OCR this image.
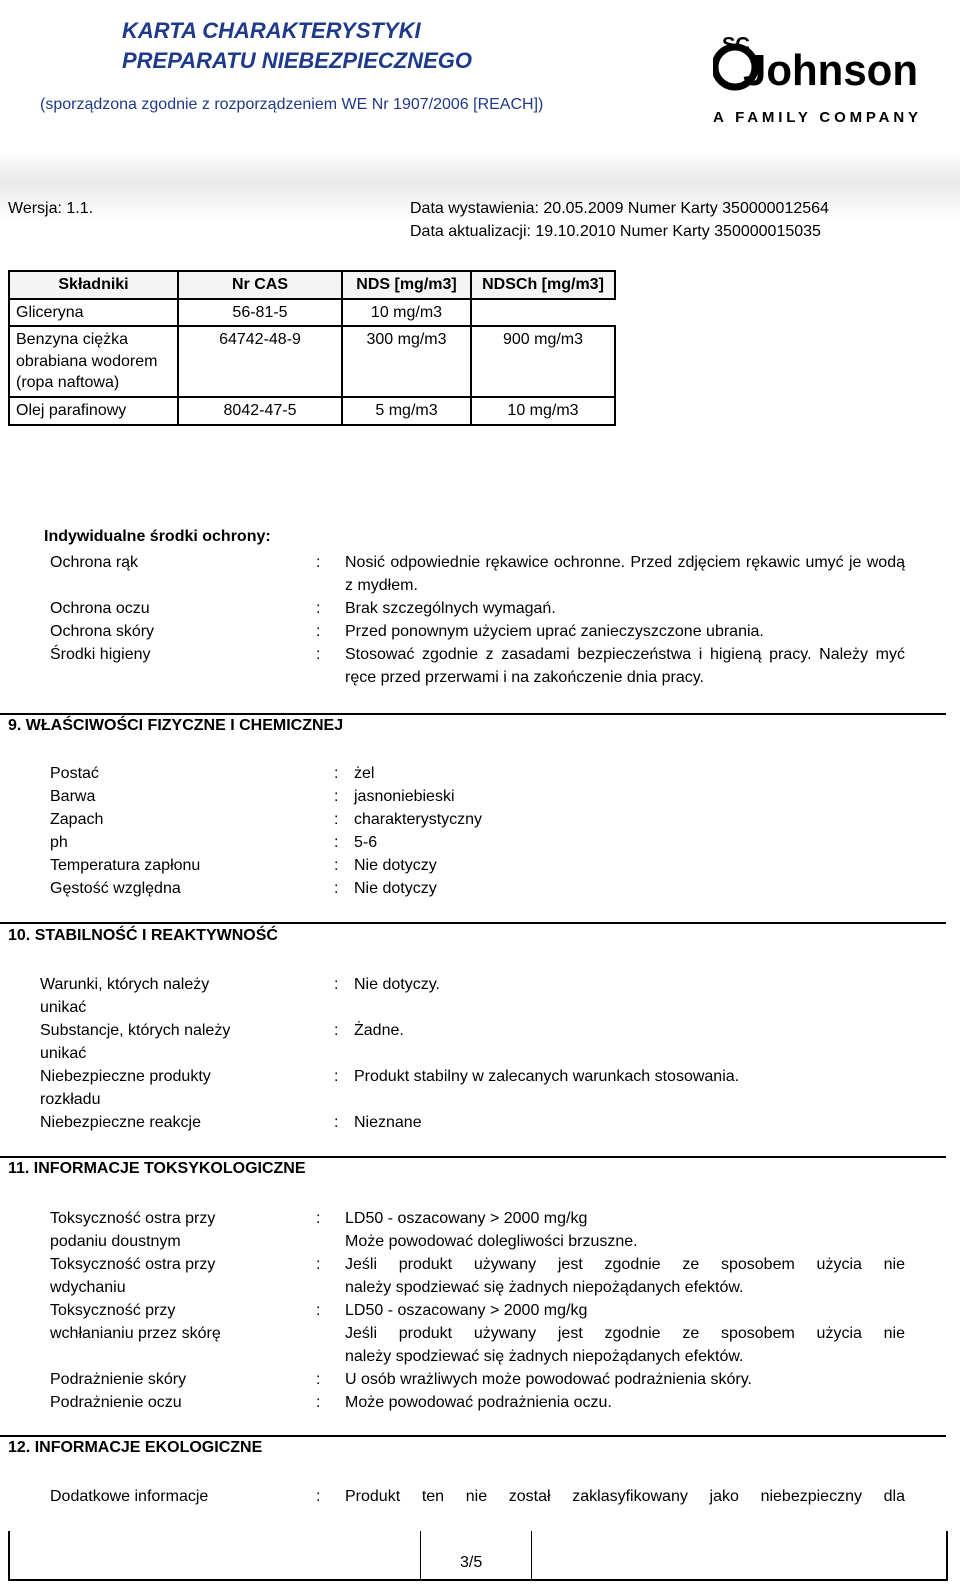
KARTA CHARAKTERYSTYKI
PREPARATU NIEBEZPIECZNEGO
(sporządzona zgodnie z rozporządzeniem WE Nr 1907/2006 [REACH])
SC
Johnson
A FAMILY COMPANY
Wersja: 1.1.	Data wystawienia: 20.05.2009 Numer Karty 350000012564
Data aktualizacji: 19.10.2010 Numer Karty 350000015035
Składniki	Nr CAS	NDS [mg/m3]	NDSCh [mg/m3]
Gliceryna	56-81-5	10 mg/m3	
Benzyna ciężka obrabiana wodorem (ropa naftowa)	64742-48-9	300 mg/m3	900 mg/m3
Olej parafinowy	8042-47-5	5 mg/m3	10 mg/m3
Indywidualne środki ochrony:
Ochrona rąk	: Nosić odpowiednie rękawice ochronne. Przed zdjęciem rękawic umyć je wodą z mydłem.
Ochrona oczu	: Brak szczególnych wymagań.
Ochrona skóry	: Przed ponownym użyciem uprać zanieczyszczone ubrania.
Środki higieny	: Stosować zgodnie z zasadami bezpieczeństwa i higieną pracy. Należy myć ręce przed przerwami i na zakończenie dnia pracy.
9. WŁAŚCIWOŚCI FIZYCZNE I CHEMICZNEJ
Postać	: żel
Barwa	: jasnoniebieski
Zapach	: charakterystyczny
ph	: 5-6
Temperatura zapłonu	: Nie dotyczy
Gęstość względna	: Nie dotyczy
10. STABILNOŚĆ I REAKTYWNOŚĆ
Warunki, których należy
unikać
: Nie dotyczy.
Substancje, których należy
unikać
: Żadne.
Niebezpieczne produkty
rozkładu
: Produkt stabilny w zalecanych warunkach stosowania.
Niebezpieczne reakcje	: Nieznane
11. INFORMACJE TOKSYKOLOGICZNE
Toksyczność ostra przy
podaniu doustnym
: LD50 - oszacowany > 2000 mg/kg
Może powodować dolegliwości brzuszne.
Toksyczność ostra przy
wdychaniu
: Jeśli produkt używany jest zgodnie ze sposobem użycia nie
należy spodziewać się żadnych niepożądanych efektów.
Toksyczność przy
wchłanianiu przez skórę
: LD50 - oszacowany > 2000 mg/kg
Jeśli produkt używany jest zgodnie ze sposobem użycia nie
należy spodziewać się żadnych niepożądanych efektów.
Podrażnienie skóry	: U osób wrażliwych może powodować podrażnienia skóry.
Podrażnienie oczu	: Może powodować podrażnienia oczu.
12. INFORMACJE EKOLOGICZNE
Dodatkowe informacje	: Produkt ten nie został zaklasyfikowany jako niebezpieczny dla
3/5
